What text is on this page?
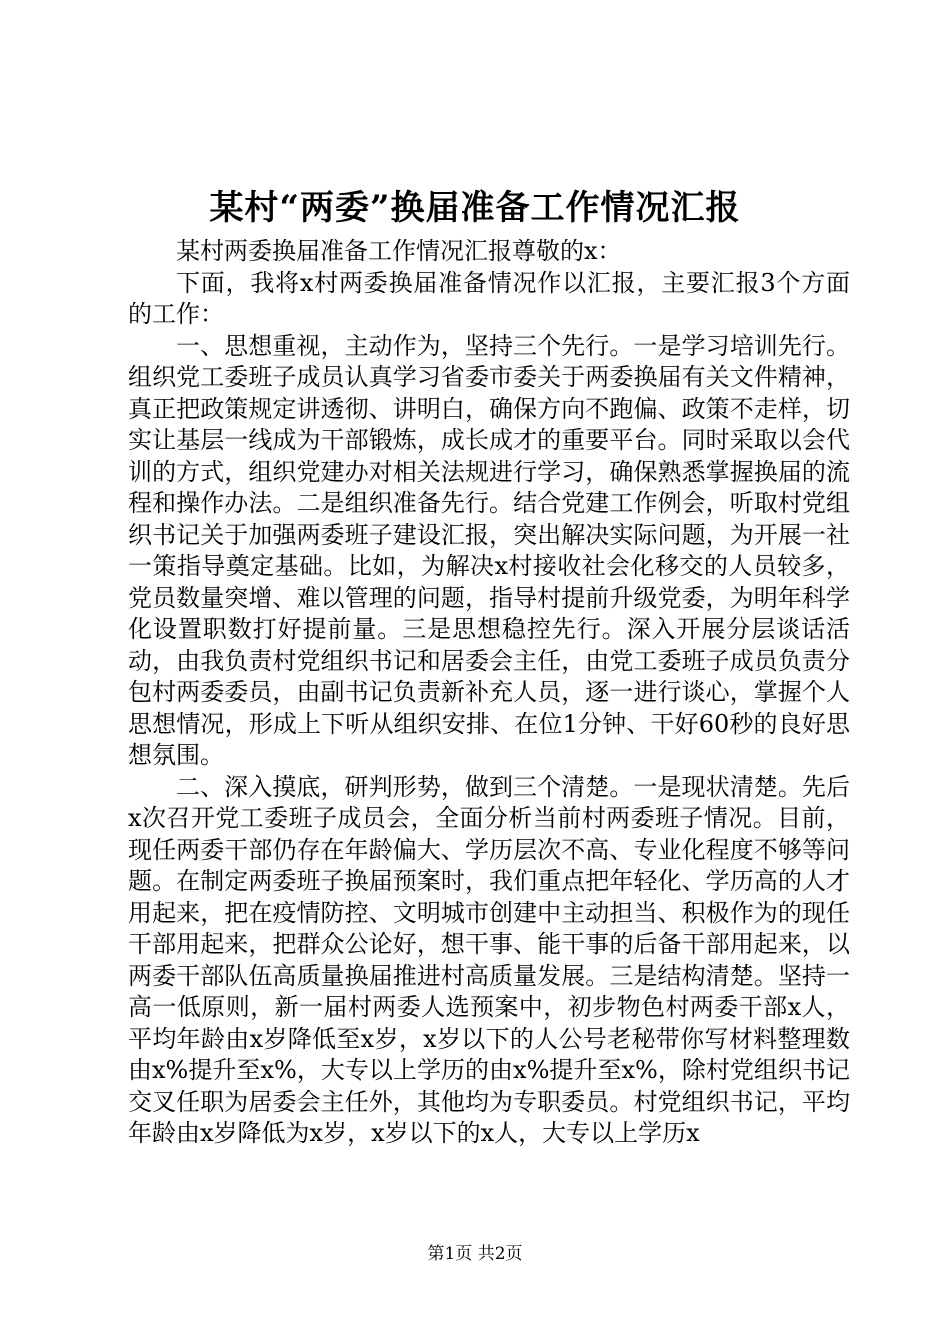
某村“两委”换届准备工作情况汇报

某村两委换届准备工作情况汇报尊敬的x：

下面，我将x村两委换届准备情况作以汇报，主要汇报3个方面的工作：

一、思想重视，主动作为，坚持三个先行。一是学习培训先行。组织党工委班子成员认真学习省委市委关于两委换届有关文件精神，真正把政策规定讲透彻、讲明白，确保方向不跑偏、政策不走样，切实让基层一线成为干部锻炼，成长成才的重要平台。同时采取以会代训的方式，组织党建办对相关法规进行学习，确保熟悉掌握换届的流程和操作办法。二是组织准备先行。结合党建工作例会，听取村党组织书记关于加强两委班子建设汇报，突出解决实际问题，为开展一社一策指导奠定基础。比如，为解决x村接收社会化移交的人员较多，党员数量突增、难以管理的问题，指导村提前升级党委，为明年科学化设置职数打好提前量。三是思想稳控先行。深入开展分层谈话活动，由我负责村党组织书记和居委会主任，由党工委班子成员负责分包村两委委员，由副书记负责新补充人员，逐一进行谈心，掌握个人思想情况，形成上下听从组织安排、在位1分钟、干好60秒的良好思想氛围。

二、深入摸底，研判形势，做到三个清楚。一是现状清楚。先后x次召开党工委班子成员会，全面分析当前村两委班子情况。目前，现任两委干部仍存在年龄偏大、学历层次不高、专业化程度不够等问题。在制定两委班子换届预案时，我们重点把年轻化、学历高的人才用起来，把在疫情防控、文明城市创建中主动担当、积极作为的现任干部用起来，把群众公论好，想干事、能干事的后备干部用起来，以两委干部队伍高质量换届推进村高质量发展。三是结构清楚。坚持一高一低原则，新一届村两委人选预案中，初步物色村两委干部x人，平均年龄由x岁降低至x岁，x岁以下的人公号老秘带你写材料整理数由x%提升至x%，大专以上学历的由x%提升至x%，除村党组织书记交叉任职为居委会主任外，其他均为专职委员。村党组织书记，平均年龄由x岁降低为x岁，x岁以下的x人，大专以上学历x

第1页 共2页
